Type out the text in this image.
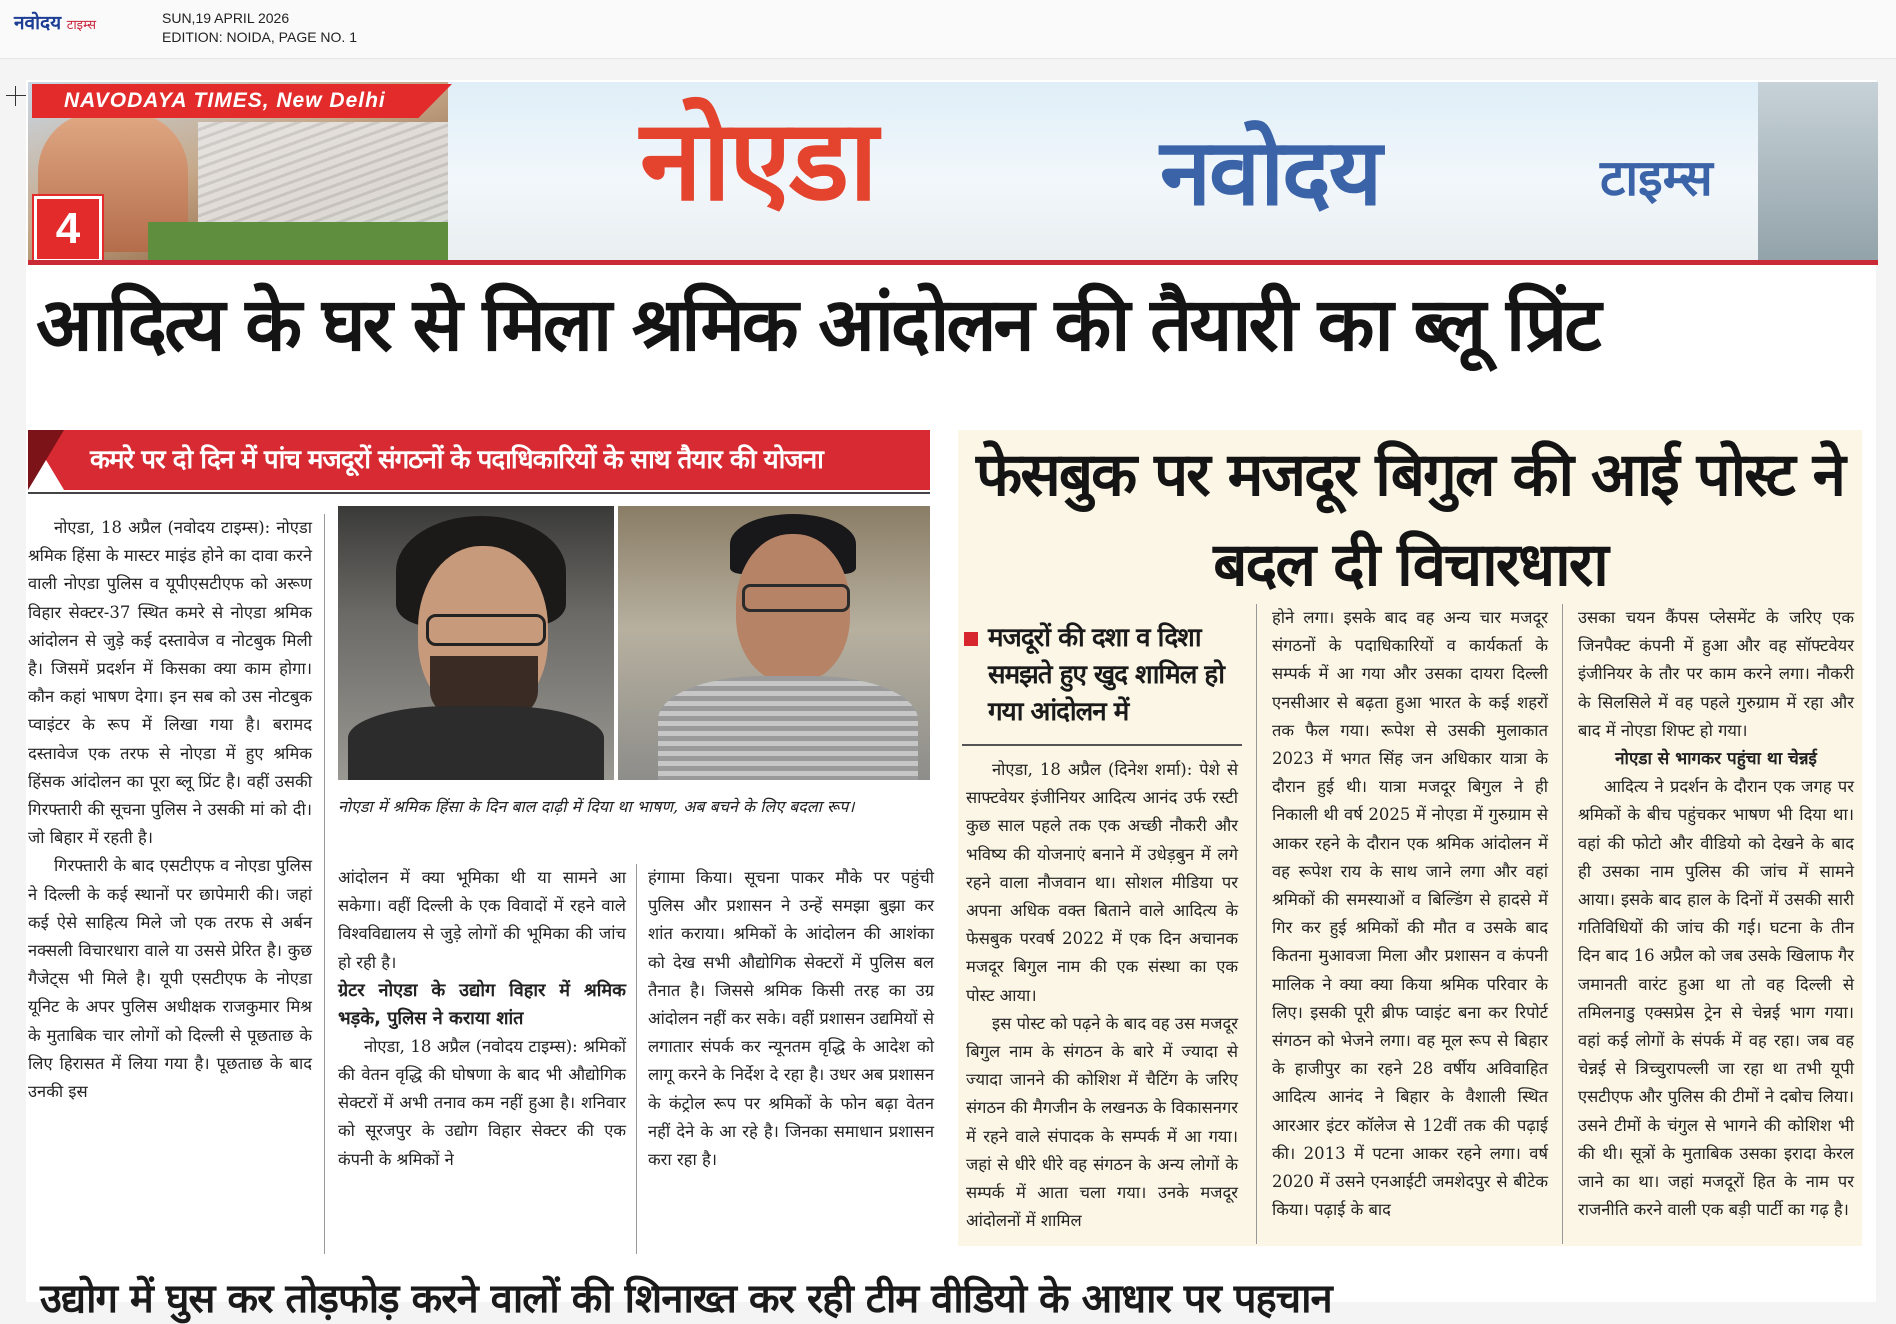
नवोदय टाइम्स	SUN,19 APRIL 2026
EDITION: NOIDA, PAGE NO. 1
NAVODAYA TIMES, New Delhi
4
नोएडा	नवोदय	टाइम्स
आदित्य के घर से मिला श्रमिक आंदोलन की तैयारी का ब्लू प्रिंट
कमरे पर दो दिन में पांच मजदूरों संगठनों के पदाधिकारियों के साथ तैयार की योजना

नोएडा, 18 अप्रैल (नवोदय टाइम्स): नोएडा श्रमिक हिंसा के मास्टर माइंड होने का दावा करने वाली नोएडा पुलिस व यूपीएसटीएफ को अरूण विहार सेक्टर-37 स्थित कमरे से नोएडा श्रमिक आंदोलन से जुड़े कई दस्तावेज व नोटबुक मिली है। जिसमें प्रदर्शन में किसका क्या काम होगा। कौन कहां भाषण देगा। इन सब को उस नोटबुक प्वाइंटर के रूप में लिखा गया है। बरामद दस्तावेज एक तरफ से नोएडा में हुए श्रमिक हिंसक आंदोलन का पूरा ब्लू प्रिंट है। वहीं उसकी गिरफ्तारी की सूचना पुलिस ने उसकी मां को दी। जो बिहार में रहती है।

गिरफ्तारी के बाद एसटीएफ व नोएडा पुलिस ने दिल्ली के कई स्थानों पर छापेमारी की। जहां कई ऐसे साहित्य मिले जो एक तरफ से अर्बन नक्सली विचारधारा वाले या उससे प्रेरित है। कुछ गैजेट्स भी मिले है। यूपी एसटीएफ के नोएडा यूनिट के अपर पुलिस अधीक्षक राजकुमार मिश्र के मुताबिक चार लोगों को दिल्ली से पूछताछ के लिए हिरासत में लिया गया है। पूछताछ के बाद उनकी इस

नोएडा में श्रमिक हिंसा के दिन बाल दाढ़ी में दिया था भाषण, अब बचने के लिए बदला रूप।

आंदोलन में क्या भूमिका थी या सामने आ सकेगा। वहीं दिल्ली के एक विवादों में रहने वाले विश्वविद्यालय से जुड़े लोगों की भूमिका की जांच हो रही है।

ग्रेटर नोएडा के उद्योग विहार में श्रमिक भड़के, पुलिस ने कराया शांत

नोएडा, 18 अप्रैल (नवोदय टाइम्स): श्रमिकों की वेतन वृद्धि की घोषणा के बाद भी औद्योगिक सेक्टरों में अभी तनाव कम नहीं हुआ है। शनिवार को सूरजपुर के उद्योग विहार सेक्टर की एक कंपनी के श्रमिकों ने

हंगामा किया। सूचना पाकर मौके पर पहुंची पुलिस और प्रशासन ने उन्हें समझा बुझा कर शांत कराया। श्रमिकों के आंदोलन की आशंका को देख सभी औद्योगिक सेक्टरों में पुलिस बल तैनात है। जिससे श्रमिक किसी तरह का उग्र आंदोलन नहीं कर सके। वहीं प्रशासन उद्यमियों से लगातार संपर्क कर न्यूनतम वृद्धि के आदेश को लागू करने के निर्देश दे रहा है। उधर अब प्रशासन के कंट्रोल रूप पर श्रमिकों के फोन बढ़ा वेतन नहीं देने के आ रहे है। जिनका समाधान प्रशासन करा रहा है।

फेसबुक पर मजदूर बिगुल की आई पोस्ट ने बदल दी विचारधारा
मजदूरों की दशा व दिशा समझते हुए खुद शामिल हो गया आंदोलन में

नोएडा, 18 अप्रैल (दिनेश शर्मा): पेशे से साफ्टवेयर इंजीनियर आदित्य आनंद उर्फ रस्टी कुछ साल पहले तक एक अच्छी नौकरी और भविष्य की योजनाएं बनाने में उधेड़बुन में लगे रहने वाला नौजवान था। सोशल मीडिया पर अपना अधिक वक्त बिताने वाले आदित्य के फेसबुक परवर्ष 2022 में एक दिन अचानक मजदूर बिगुल नाम की एक संस्था का एक पोस्ट आया।

इस पोस्ट को पढ़ने के बाद वह उस मजदूर बिगुल नाम के संगठन के बारे में ज्यादा से ज्यादा जानने की कोशिश में चैटिंग के जरिए संगठन की मैगजीन के लखनऊ के विकासनगर में रहने वाले संपादक के सम्पर्क में आ गया। जहां से धीरे धीरे वह संगठन के अन्य लोगों के सम्पर्क में आता चला गया। उनके मजदूर आंदोलनों में शामिल

होने लगा। इसके बाद वह अन्य चार मजदूर संगठनों के पदाधिकारियों व कार्यकर्ता के सम्पर्क में आ गया और उसका दायरा दिल्ली एनसीआर से बढ़ता हुआ भारत के कई शहरों तक फैल गया। रूपेश से उसकी मुलाकात 2023 में भगत सिंह जन अधिकार यात्रा के दौरान हुई थी। यात्रा मजदूर बिगुल ने ही निकाली थी वर्ष 2025 में नोएडा में गुरुग्राम से आकर रहने के दौरान एक श्रमिक आंदोलन में वह रूपेश राय के साथ जाने लगा और वहां श्रमिकों की समस्याओं व बिल्डिंग से हादसे में गिर कर हुई श्रमिकों की मौत व उसके बाद कितना मुआवजा मिला और प्रशासन व कंपनी मालिक ने क्या क्या किया श्रमिक परिवार के लिए। इसकी पूरी ब्रीफ प्वाइंट बना कर रिपोर्ट संगठन को भेजने लगा। वह मूल रूप से बिहार के हाजीपुर का रहने 28 वर्षीय अविवाहित आदित्य आनंद ने बिहार के वैशाली स्थित आरआर इंटर कॉलेज से 12वीं तक की पढ़ाई की। 2013 में पटना आकर रहने लगा। वर्ष 2020 में उसने एनआईटी जमशेदपुर से बीटेक किया। पढ़ाई के बाद

उसका चयन कैंपस प्लेसमेंट के जरिए एक जिनपैक्ट कंपनी में हुआ और वह सॉफ्टवेयर इंजीनियर के तौर पर काम करने लगा। नौकरी के सिलसिले में वह पहले गुरुग्राम में रहा और बाद में नोएडा शिफ्ट हो गया।

नोएडा से भागकर पहुंचा था चेन्नई

आदित्य ने प्रदर्शन के दौरान एक जगह पर श्रमिकों के बीच पहुंचकर भाषण भी दिया था। वहां की फोटो और वीडियो को देखने के बाद ही उसका नाम पुलिस की जांच में सामने आया। इसके बाद हाल के दिनों में उसकी सारी गतिविधियों की जांच की गई। घटना के तीन दिन बाद 16 अप्रैल को जब उसके खिलाफ गैर जमानती वारंट हुआ था तो वह दिल्ली से तमिलनाडु एक्सप्रेस ट्रेन से चेन्नई भाग गया। वहां कई लोगों के संपर्क में वह रहा। जब वह चेन्नई से त्रिच्चुरापल्ली जा रहा था तभी यूपी एसटीएफ और पुलिस की टीमों ने दबोच लिया। उसने टीमों के चंगुल से भागने की कोशिश भी की थी। सूत्रों के मुताबिक उसका इरादा केरल जाने का था। जहां मजदूरों हित के नाम पर राजनीति करने वाली एक बड़ी पार्टी का गढ़ है।

उद्योग में घुस कर तोड़फोड़ करने वालों की शिनाख्त कर रही टीम वीडियो के आधार पर पहचान
